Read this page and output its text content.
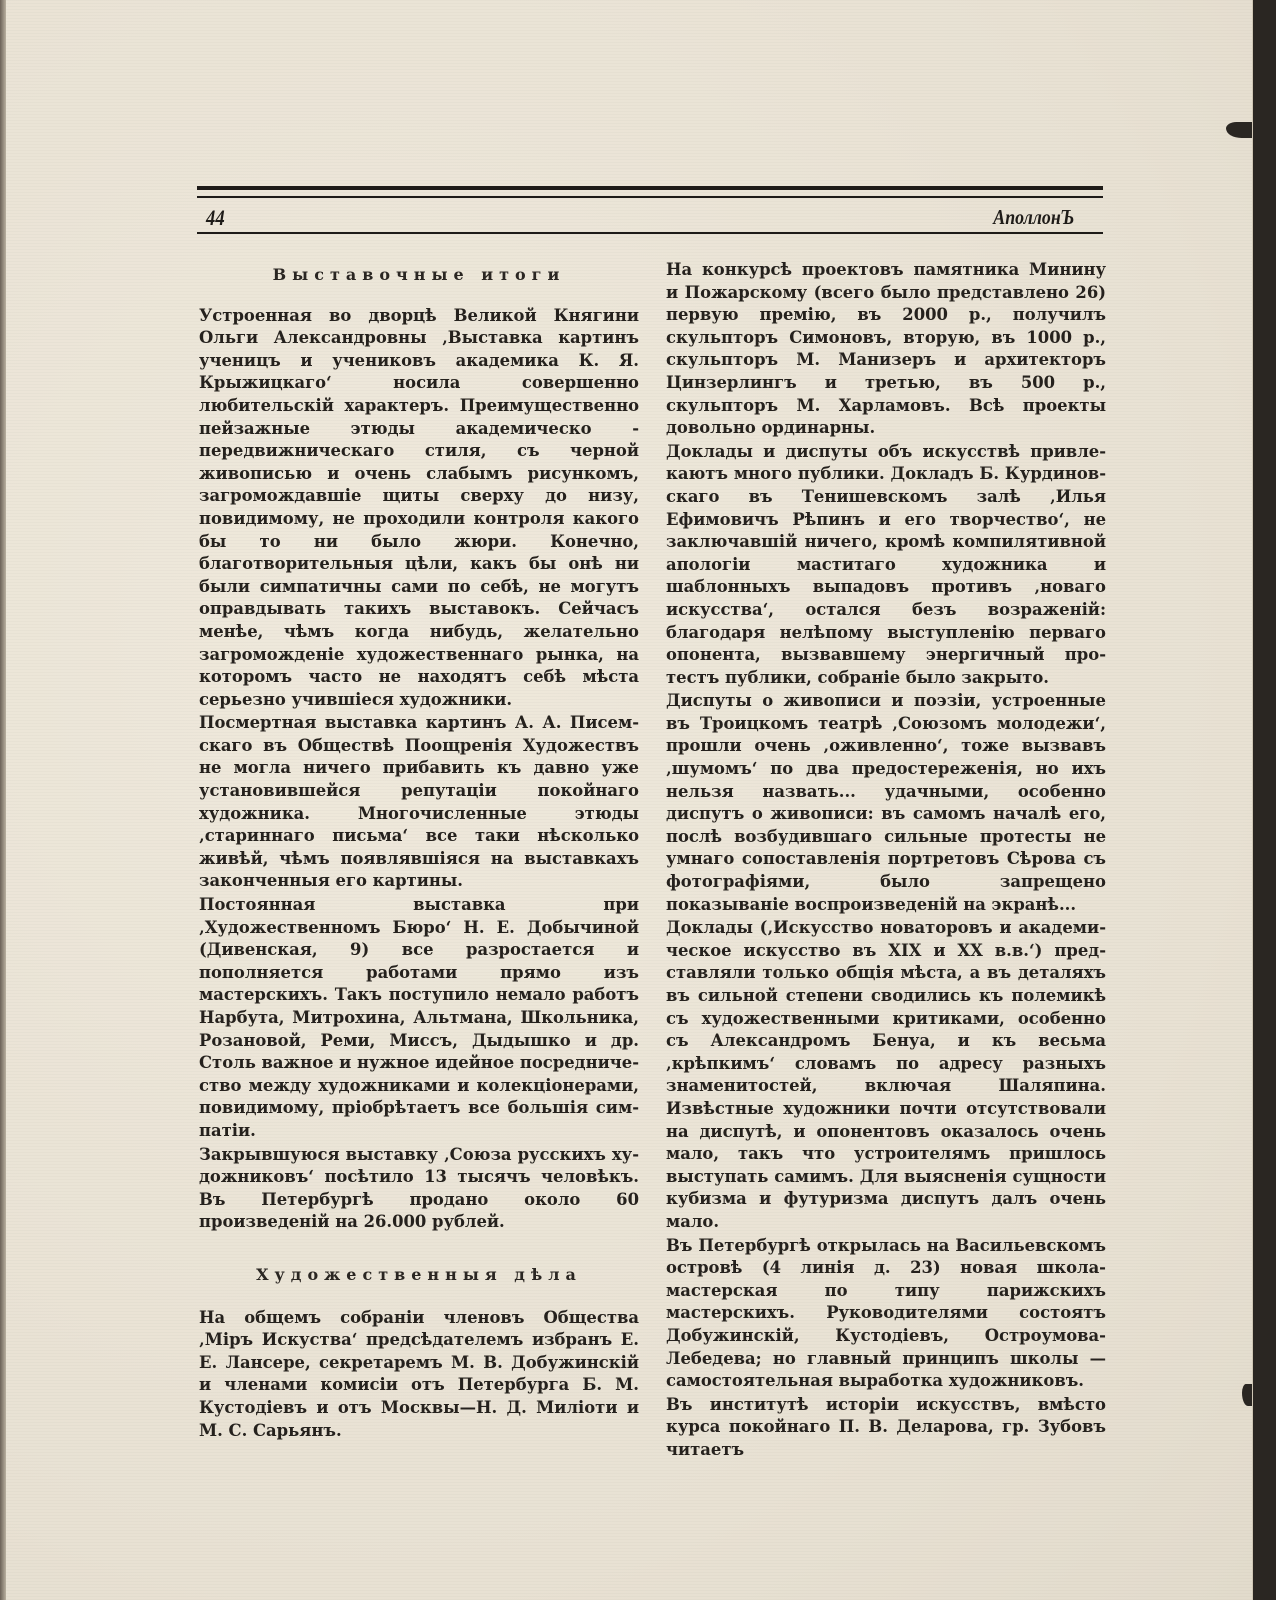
44	АполлонЪ
Выставочные итоги

Устроенная во дворцѣ Великой Княгини Ольги Александровны ‚Выставка картинъ ученицъ и учениковъ академика К. Я. Крыжицкаго‘ носила совершенно любительскiй характеръ. Преимущественно пейзажные этюды академическо - передвижническаго стиля, съ черной живописью и очень слабымъ рисункомъ, загромождавшiе щиты сверху до низу, повидимому, не проходили контроля какого бы то ни было жюри. Конечно, благотворительныя цѣли, какъ бы онѣ ни были симпатичны сами по себѣ, не могутъ оправдывать такихъ выставокъ. Сейчасъ менѣе, чѣмъ когда нибудь, желательно загроможденiе художественнаго рынка, на которомъ часто не находятъ себѣ мѣста серьезно учившiеся художники.

Посмертная выставка картинъ А. А. Писемскаго въ Обществѣ Поощренiя Художествъ не могла ничего прибавить къ давно уже установившейся репутацiи покойнаго художника. Многочисленные этюды ‚стариннаго письма‘ все таки нѣсколько живѣй, чѣмъ появлявшiяся на выставкахъ законченныя его картины.

Постоянная выставка при ‚Художественномъ Бюро‘ Н. Е. Добычиной (Дивенская, 9) все разростается и пополняется работами прямо изъ мастерскихъ. Такъ поступило немало работъ Нарбута, Митрохина, Альтмана, Школьника, Розановой, Реми, Миссъ, Дыдышко и др. Столь важное и нужное идейное посредничество между художниками и колекцiонерами, повидимому, прiобрѣтаетъ все большiя симпатiи.

Закрывшуюся выставку ‚Союза русскихъ художниковъ‘ посѣтило 13 тысячъ человѣкъ. Въ Петербургѣ продано около 60 произведенiй на 26.000 рублей.

Художественныя дѣла

На общемъ собранiи членовъ Общества ‚Мiръ Искуства‘ предсѣдателемъ избранъ Е. Е. Лансере, секретаремъ М. В. Добужинскiй и членами комисiи отъ Петербурга Б. М. Кустодiевъ и отъ Москвы—Н. Д. Милiоти и М. С. Сарьянъ.

На конкурсѣ проектовъ памятника Минину и Пожарскому (всего было представлено 26) первую премiю, въ 2000 р., получилъ скульпторъ Симоновъ, вторую, въ 1000 р., скульпторъ М. Манизеръ и архитекторъ Цинзерлингъ и третью, въ 500 р., скульпторъ М. Харламовъ. Всѣ проекты довольно ординарны.

Доклады и диспуты объ искусствѣ привлекаютъ много публики. Докладъ Б. Курдиновскаго въ Тенишевскомъ залѣ ‚Илья Ефимовичъ Рѣпинъ и его творчество‘, не заключавшiй ничего, кромѣ компилятивной апологiи маститаго художника и шаблонныхъ выпадовъ противъ ‚новаго искусства‘, остался безъ возраженiй: благодаря нелѣпому выступленiю перваго опонента, вызвавшему энергичный протестъ публики, собранiе было закрыто.

Диспуты о живописи и поэзiи, устроенные въ Троицкомъ театрѣ ‚Союзомъ молодежи‘, прошли очень ‚оживленно‘, тоже вызвавъ ‚шумомъ‘ по два предостереженiя, но ихъ нельзя назвать... удачными, особенно диспутъ о живописи: въ самомъ началѣ его, послѣ возбудившаго сильные протесты не умнаго сопоставленiя портретовъ Сѣрова съ фотографiями, было запрещено показыванiе воспроизведенiй на экранѣ...

Доклады (‚Искусство новаторовъ и академическое искусство въ XIX и XX в.в.‘) представляли только общiя мѣста, а въ деталяхъ въ сильной степени сводились къ полемикѣ съ художественными критиками, особенно съ Александромъ Бенуа, и къ весьма ‚крѣпкимъ‘ словамъ по адресу разныхъ знаменитостей, включая Шаляпина. Извѣстные художники почти отсутствовали на диспутѣ, и опонентовъ оказалось очень мало, такъ что устроителямъ пришлось выступать самимъ. Для выясненiя сущности кубизма и футуризма диспутъ далъ очень мало.

Въ Петербургѣ открылась на Васильевскомъ островѣ (4 линiя д. 23) новая школа-мастерская по типу парижскихъ мастерскихъ. Руководителями состоятъ Добужинскiй, Кустодiевъ, Остроумова-Лебедева; но главный принципъ школы — самостоятельная выработка художниковъ.

Въ институтѣ исторiи искусствъ, вмѣсто курса покойнаго П. В. Деларова, гр. Зубовъ читаетъ
